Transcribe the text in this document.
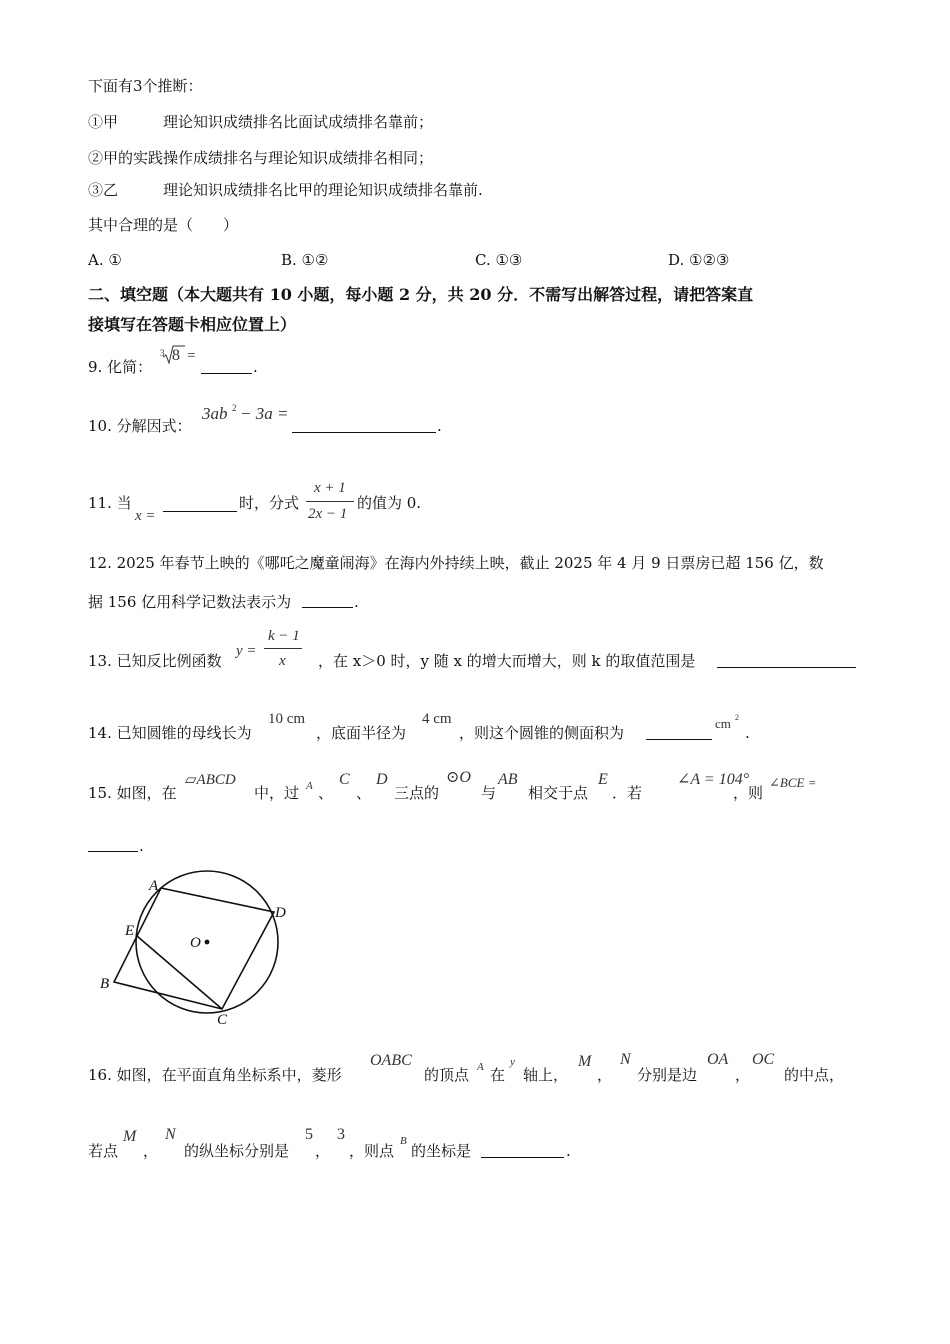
下面有3个推断：
①甲　　　理论知识成绩排名比面试成绩排名靠前；
②甲的实践操作成绩排名与理论知识成绩排名相同；
③乙　　　理论知识成绩排名比甲的理论知识成绩排名靠前.
其中合理的是（　　）
A. ①	B. ①②	C. ①③	D. ①②③
二、填空题（本大题共有 10 小题，每小题 2 分，共 20 分．不需写出解答过程，请把答案直
接填写在答题卡相应位置上）
9. 化简：
3 8 =
.
10. 分解因式：
3ab 2 − 3a =
.
11. 当
x =
时，分式
x + 1
2x − 1
的值为 0.
12. 2025 年春节上映的《哪吒之魔童闹海》在海内外持续上映，截止 2025 年 4 月 9 日票房已超 156 亿，数
据 156 亿用科学记数法表示为	.
13. 已知反比例函数
y =
k − 1
x ，在 x＞0 时，y 随 x 的增大而增大，则 k 的取值范围是
14. 已知圆锥的母线长为
10 cm
，底面半径为
4 cm
，则这个圆锥的侧面积为
cm 2
.
15. 如图，在
▱ABCD
中，过 A 、
C
、
D
三点的
⊙O
与
AB
相交于点
E
．若
∠A = 104°
，则
∠BCE =
.
A
D
E
O
B
C
16. 如图，在平面直角坐标系中，菱形
OABC
的顶点 A 在
y
轴上，
M
，
N
分别是边
OA
，
OC
的中点，
若点
M
，
N
的纵坐标分别是
5
，
3
，则点
B
的坐标是	.
